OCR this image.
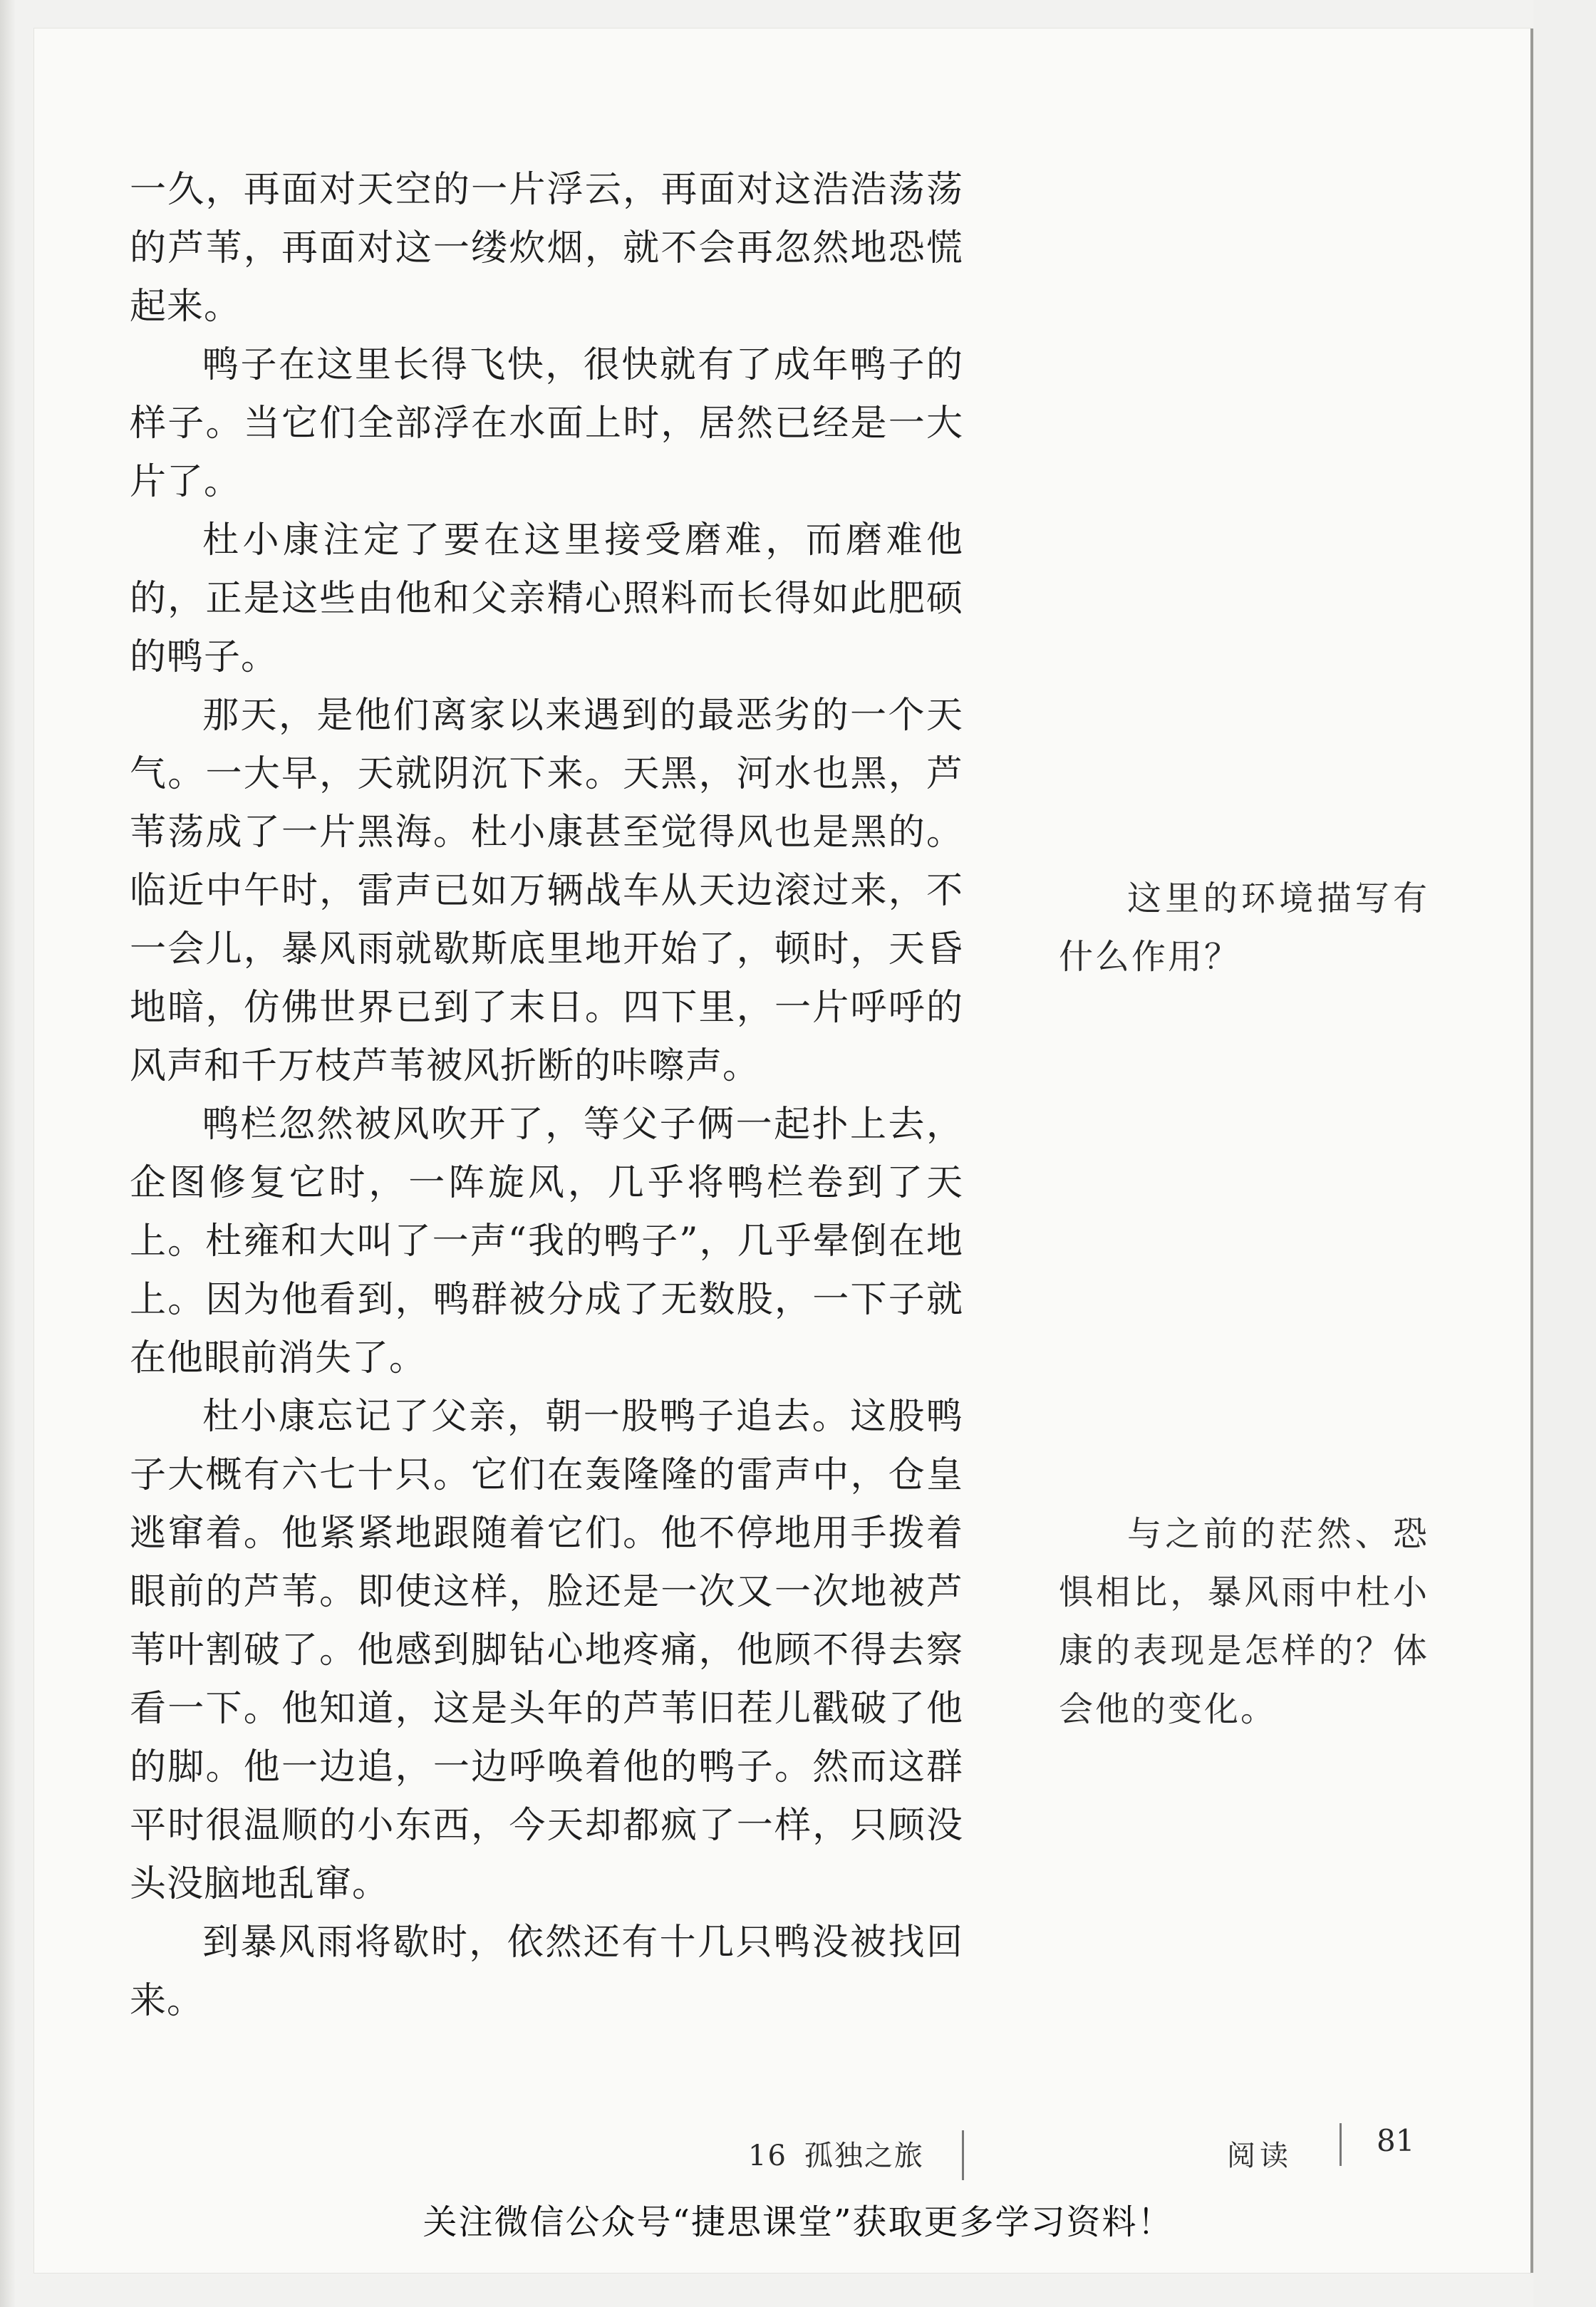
一久，再面对天空的一片浮云，再面对这浩浩荡荡的芦苇，再面对这一缕炊烟，就不会再忽然地恐慌起来。

鸭子在这里长得飞快，很快就有了成年鸭子的样子。当它们全部浮在水面上时，居然已经是一大片了。

杜小康注定了要在这里接受磨难，而磨难他的，正是这些由他和父亲精心照料而长得如此肥硕的鸭子。

那天，是他们离家以来遇到的最恶劣的一个天气。一大早，天就阴沉下来。天黑，河水也黑，芦苇荡成了一片黑海。杜小康甚至觉得风也是黑的。临近中午时，雷声已如万辆战车从天边滚过来，不一会儿，暴风雨就歇斯底里地开始了，顿时，天昏地暗，仿佛世界已到了末日。四下里，一片呼呼的风声和千万枝芦苇被风折断的咔嚓声。

鸭栏忽然被风吹开了，等父子俩一起扑上去，企图修复它时，一阵旋风，几乎将鸭栏卷到了天上。杜雍和大叫了一声“我的鸭子”，几乎晕倒在地上。因为他看到，鸭群被分成了无数股，一下子就在他眼前消失了。

杜小康忘记了父亲，朝一股鸭子追去。这股鸭子大概有六七十只。它们在轰隆隆的雷声中，仓皇逃窜着。他紧紧地跟随着它们。他不停地用手拨着眼前的芦苇。即使这样，脸还是一次又一次地被芦苇叶割破了。他感到脚钻心地疼痛，他顾不得去察看一下。他知道，这是头年的芦苇旧茬儿戳破了他的脚。他一边追，一边呼唤着他的鸭子。然而这群平时很温顺的小东西，今天却都疯了一样，只顾没头没脑地乱窜。

到暴风雨将歇时，依然还有十几只鸭没被找回来。

这里的环境描写有什么作用？
与之前的茫然、恐惧相比，暴风雨中杜小康的表现是怎样的？体会他的变化。
16 孤独之旅	阅读	81
关注微信公众号“捷思课堂”获取更多学习资料！
